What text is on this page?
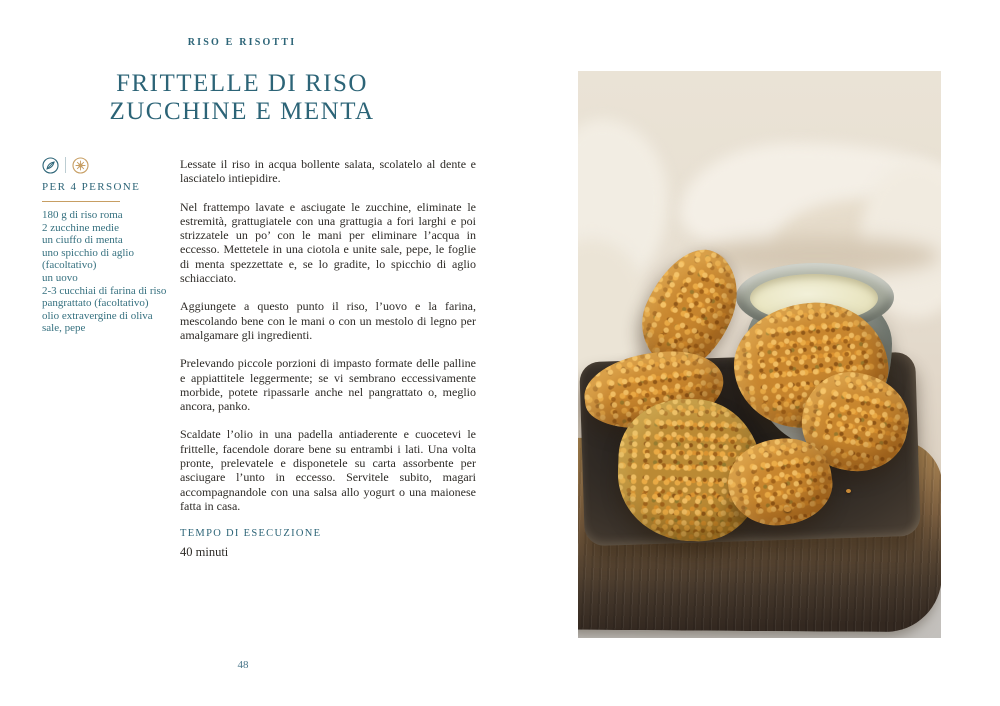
RISO E RISOTTI
FRITTELLE DI RISO
ZUCCHINE E MENTA
PER 4 PERSONE
180 g di riso roma
2 zucchine medie
un ciuffo di menta
uno spicchio di aglio
(facoltativo)
un uovo
2-3 cucchiai di farina di riso
pangrattato (facoltativo)
olio extravergine di oliva
sale, pepe
Lessate il riso in acqua bollente salata, scolatelo al dente e lasciatelo intiepidire.
Nel frattempo lavate e asciugate le zucchine, eliminate le estremità, grattugiatele con una grattugia a fori larghi e poi strizzatele un po’ con le mani per eliminare l’acqua in eccesso. Mettetele in una ciotola e unite sale, pepe, le foglie di menta spezzettate e, se lo gradite, lo spicchio di aglio schiacciato.
Aggiungete a questo punto il riso, l’uovo e la farina, mescolando bene con le mani o con un mestolo di legno per amalgamare gli ingredienti.
Prelevando piccole porzioni di impasto formate delle palline e appiattitele leggermente; se vi sembrano eccessivamente morbide, potete ripassarle anche nel pangrattato o, meglio ancora, panko.
Scaldate l’olio in una padella antiaderente e cuocetevi le frittelle, facendole dorare bene su entrambi i lati. Una volta pronte, prelevatele e disponetele su carta assorbente per asciugare l’unto in eccesso. Servitele subito, magari accompagnandole con una salsa allo yogurt o una maionese fatta in casa.
TEMPO DI ESECUZIONE
40 minuti
48
